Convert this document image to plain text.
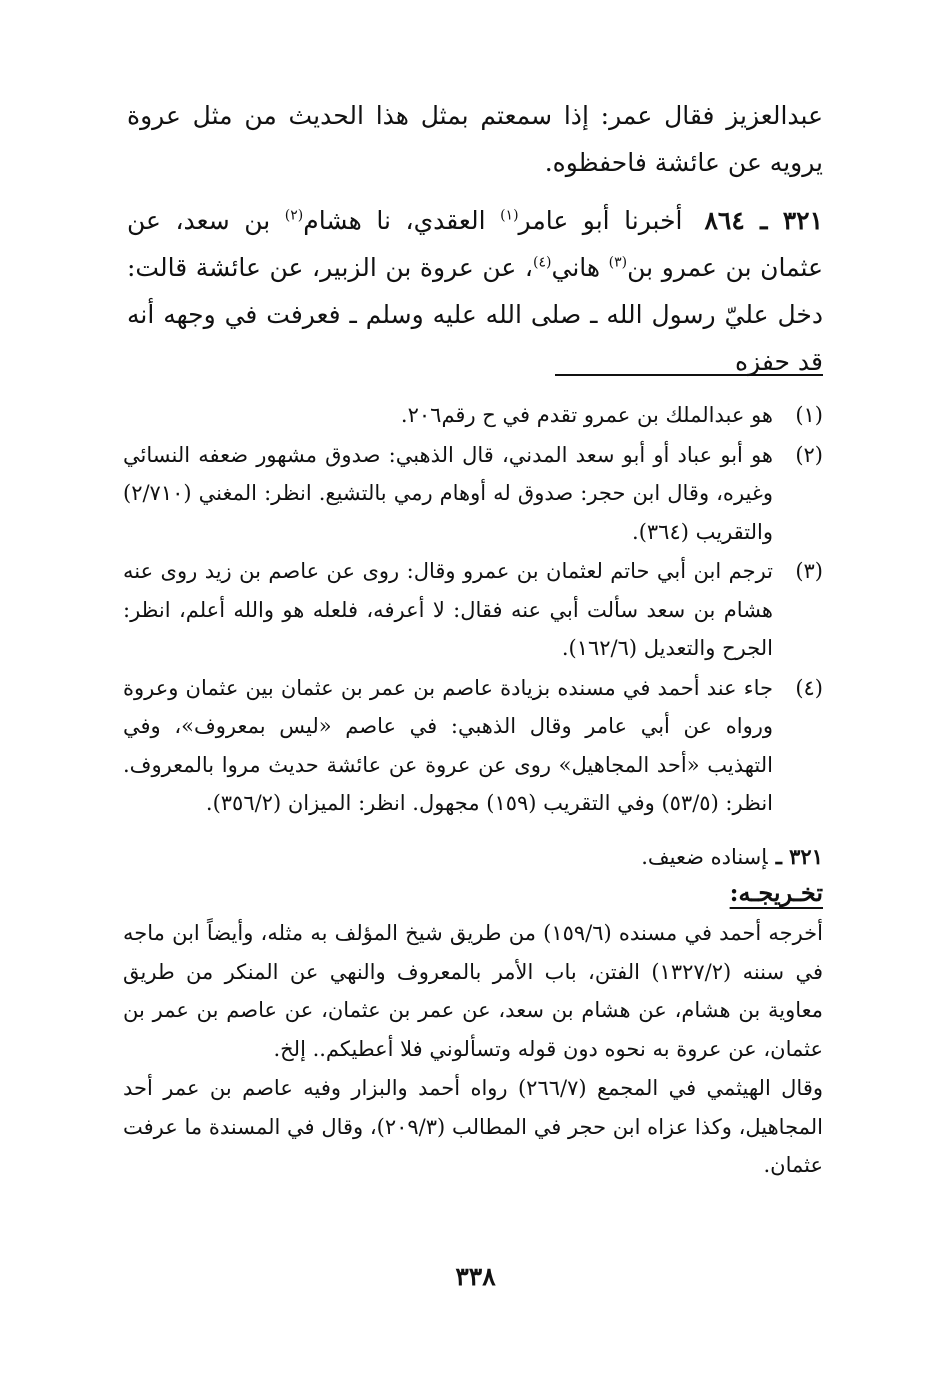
عبدالعزيز فقال عمر: إذا سمعتم بمثل هذا الحديث من مثل عروة يرويه عن عائشة فاحفظوه.

٣٢١ ـ ٨٦٤أخبرنا أبو عامر$^{(١)}$ العقدي، نا هشام$^{(٢)}$ بن سعد، عن عثمان بن عمرو بن$^{(٣)}$ هاني$^{(٤)}$، عن عروة بن الزبير، عن عائشة قالت: دخل عليّ رسول الله ـ صلى الله عليه وسلم ـ فعرفت في وجهه أنه قد حفزه

(١)
هو عبدالملك بن عمرو تقدم في ح رقم٢٠٦.
(٢)
هو أبو عباد أو أبو سعد المدني، قال الذهبي: صدوق مشهور ضعفه النسائي وغيره، وقال ابن حجر: صدوق له أوهام رمي بالتشيع. انظر: المغني (٢/٧١٠) والتقريب (٣٦٤).
(٣)
ترجم ابن أبي حاتم لعثمان بن عمرو وقال: روى عن عاصم بن زيد روى عنه هشام بن سعد سألت أبي عنه فقال: لا أعرفه، فلعله هو والله أعلم، انظر: الجرح والتعديل (١٦٢/٦).
(٤)
جاء عند أحمد في مسنده بزيادة عاصم بن عمر بن عثمان بين عثمان وعروة ورواه عن أبي عامر وقال الذهبي: في عاصم «ليس بمعروف»، وفي التهذيب «أحد المجاهيل» روى عن عروة عن عائشة حديث مروا بالمعروف. انظر: (٥٣/٥) وفي التقريب (١٥٩) مجهول. انظر: الميزان (٣٥٦/٢).
٣٢١ ـإسناده ضعيف.
تخـريجـه:

أخرجه أحمد في مسنده (١٥٩/٦) من طريق شيخ المؤلف به مثله، وأيضاً ابن ماجه في سننه (١٣٢٧/٢) الفتن، باب الأمر بالمعروف والنهي عن المنكر من طريق معاوية بن هشام، عن هشام بن سعد، عن عمر بن عثمان، عن عاصم بن عمر بن عثمان، عن عروة به نحوه دون قوله وتسألوني فلا أعطيكم.. إلخ.

وقال الهيثمي في المجمع (٢٦٦/٧) رواه أحمد والبزار وفيه عاصم بن عمر أحد المجاهيل، وكذا عزاه ابن حجر في المطالب (٢٠٩/٣)، وقال في المسندة ما عرفت عثمان.

٣٣٨
